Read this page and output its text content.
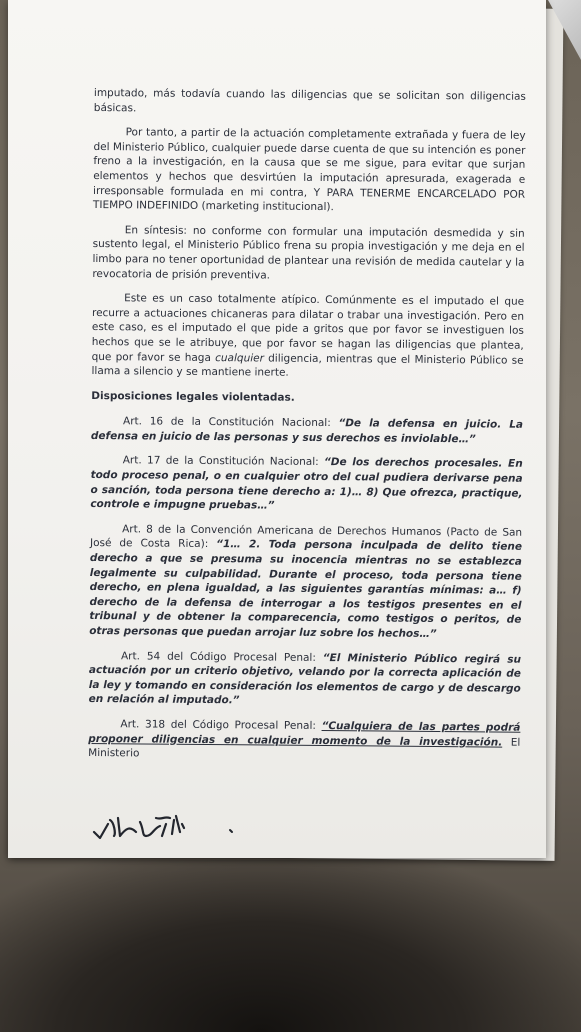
imputado, más todavía cuando las diligencias que se solicitan son diligencias básicas.

Por tanto, a partir de la actuación completamente extrañada y fuera de ley del Ministerio Público, cualquier puede darse cuenta de que su intención es poner freno a la investigación, en la causa que se me sigue, para evitar que surjan elementos y hechos que desvirtúen la imputación apresurada, exagerada e irresponsable formulada en mi contra, Y PARA TENERME ENCARCELADO POR TIEMPO INDEFINIDO (marketing institucional).

En síntesis: no conforme con formular una imputación desmedida y sin sustento legal, el Ministerio Público frena su propia investigación y me deja en el limbo para no tener oportunidad de plantear una revisión de medida cautelar y la revocatoria de prisión preventiva.

Este es un caso totalmente atípico. Comúnmente es el imputado el que recurre a actuaciones chicaneras para dilatar o trabar una investigación. Pero en este caso, es el imputado el que pide a gritos que por favor se investiguen los hechos que se le atribuye, que por favor se hagan las diligencias que plantea, que por favor se haga cualquier diligencia, mientras que el Ministerio Público se llama a silencio y se mantiene inerte.

Disposiciones legales violentadas.

Art. 16 de la Constitución Nacional: “De la defensa en juicio. La defensa en juicio de las personas y sus derechos es inviolable…”

Art. 17 de la Constitución Nacional: “De los derechos procesales. En todo proceso penal, o en cualquier otro del cual pudiera derivarse pena o sanción, toda persona tiene derecho a: 1)… 8) Que ofrezca, practique, controle e impugne pruebas…”

Art. 8 de la Convención Americana de Derechos Humanos (Pacto de San José de Costa Rica): “1… 2. Toda persona inculpada de delito tiene derecho a que se presuma su inocencia mientras no se establezca legalmente su culpabilidad. Durante el proceso, toda persona tiene derecho, en plena igualdad, a las siguientes garantías mínimas: a… f) derecho de la defensa de interrogar a los testigos presentes en el tribunal y de obtener la comparecencia, como testigos o peritos, de otras personas que puedan arrojar luz sobre los hechos…”

Art. 54 del Código Procesal Penal: “El Ministerio Público regirá su actuación por un criterio objetivo, velando por la correcta aplicación de la ley y tomando en consideración los elementos de cargo y de descargo en relación al imputado.”

Art. 318 del Código Procesal Penal: “Cualquiera de las partes podrá proponer diligencias en cualquier momento de la investigación. El Ministerio
